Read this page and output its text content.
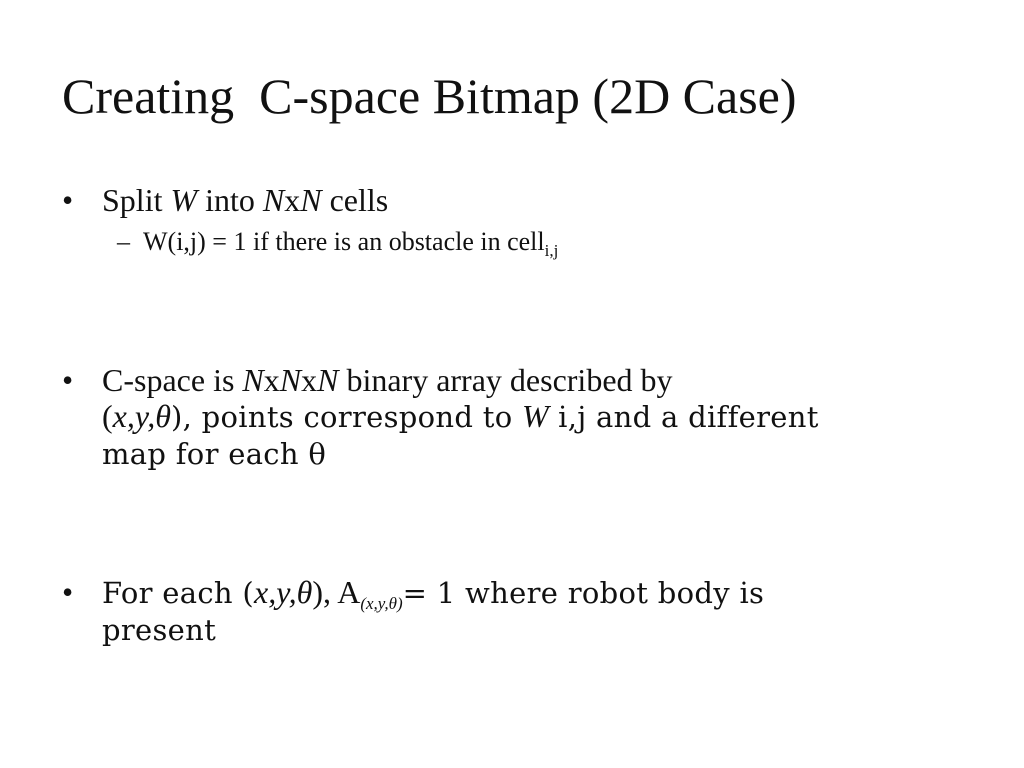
Creating  C-space Bitmap (2D Case)
• Split W into NxN cells
– W(i,j) = 1 if there is an obstacle in cell$_{i,j}$
• C-space is NxNxN binary array described by
(x,y,θ), points correspond to W i,j and a different
map for each θ
• For each (x,y,θ), $A_{(x,y,\theta)}= 1$ where robot body is
present
